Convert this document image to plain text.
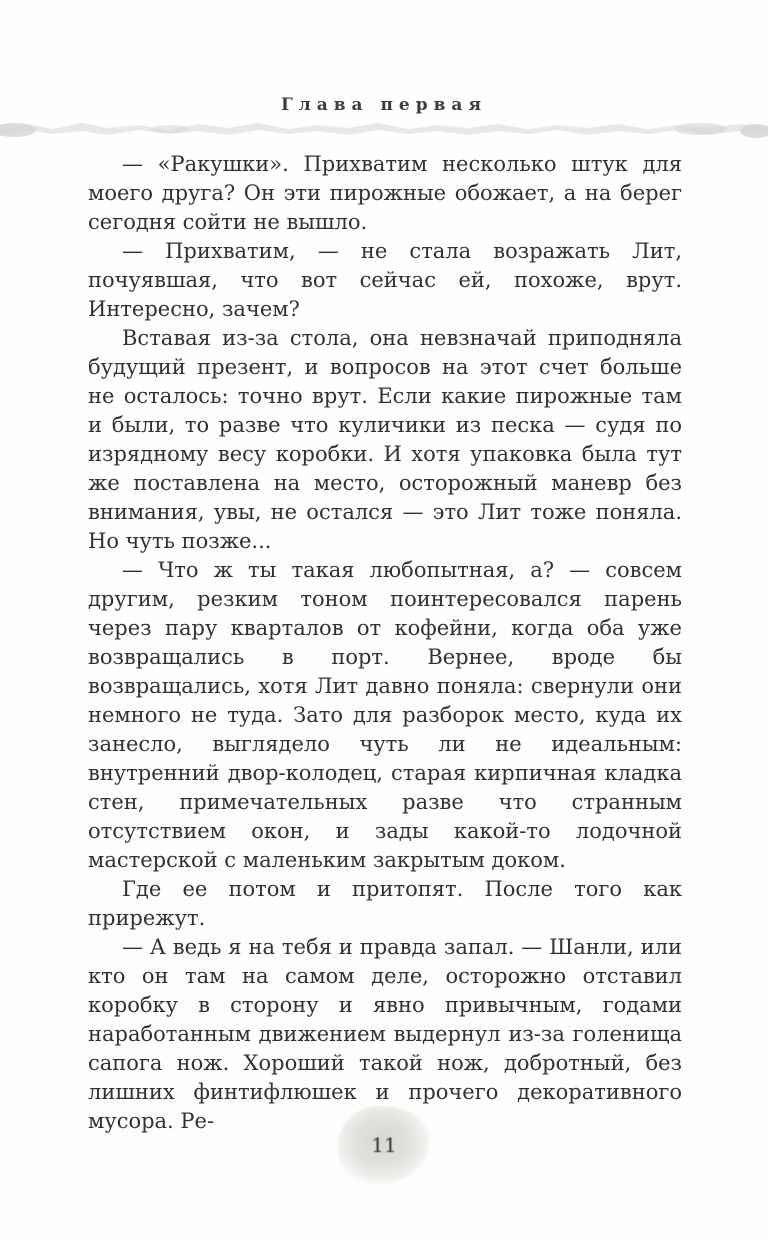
Глава первая

— «Ракушки». Прихватим несколько штук для моего друга? Он эти пирожные обожает, а на берег сегодня сойти не вышло.

— Прихватим, — не стала возражать Лит, почуявшая, что вот сейчас ей, похоже, врут. Интересно, зачем?

Вставая из-за стола, она невзначай приподняла будущий презент, и вопросов на этот счет больше не осталось: точно врут. Если какие пирожные там и были, то разве что куличики из песка — судя по изрядному весу коробки. И хотя упаковка была тут же поставлена на место, осторожный маневр без внимания, увы, не остался — это Лит тоже поняла. Но чуть позже...

— Что ж ты такая любопытная, а? — совсем другим, резким тоном поинтересовался парень через пару кварталов от кофейни, когда оба уже возвращались в порт. Вернее, вроде бы возвращались, хотя Лит давно поняла: свернули они немного не туда. Зато для разборок место, куда их занесло, выглядело чуть ли не идеальным: внутренний двор-колодец, старая кирпичная кладка стен, примечательных разве что странным отсутствием окон, и зады какой-то лодочной мастерской с маленьким закрытым доком.

Где ее потом и притопят. После того как прирежут.

— А ведь я на тебя и правда запал. — Шанли, или кто он там на самом деле, осторожно отставил коробку в сторону и явно привычным, годами наработанным движением выдернул из-за голенища сапога нож. Хороший такой нож, добротный, без лишних финтифлюшек и прочего декоративного мусора. Ре-

11
